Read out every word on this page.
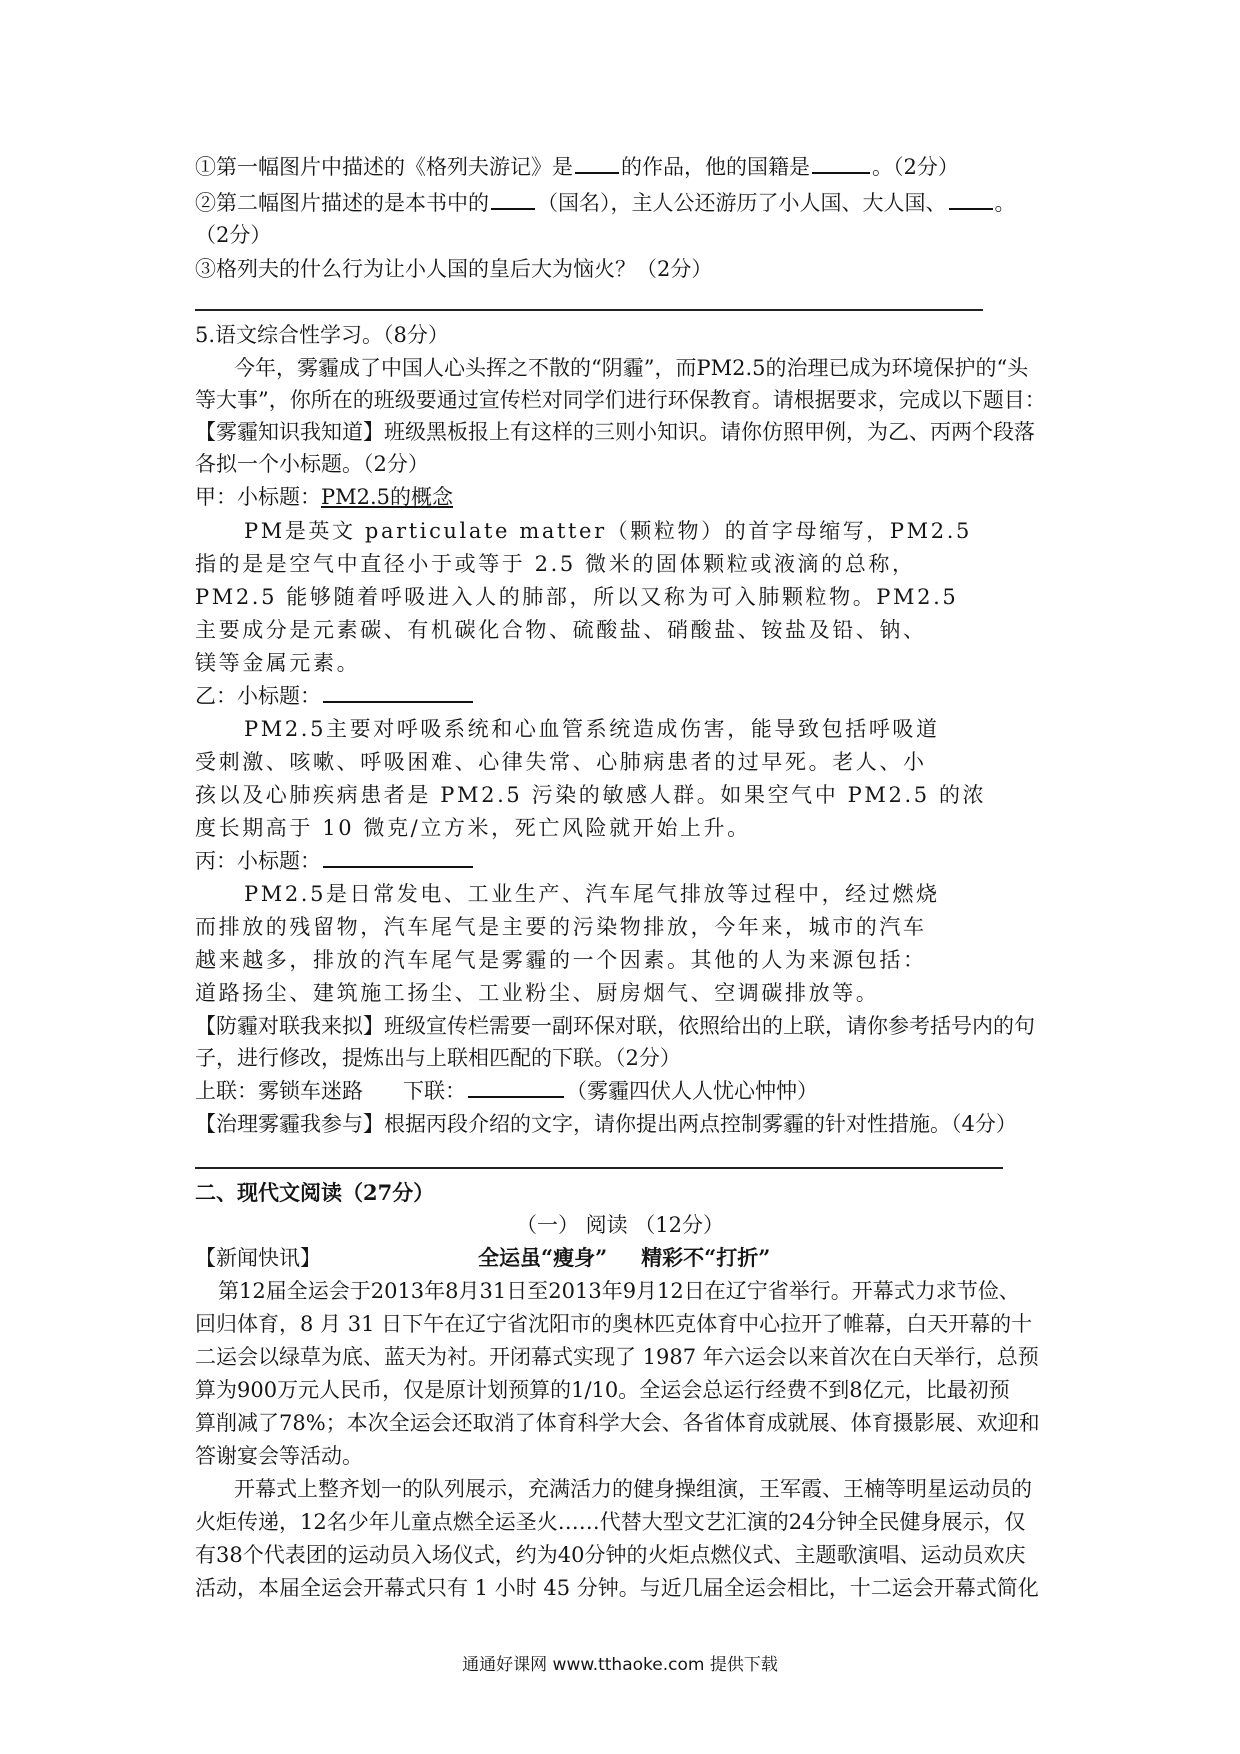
①第一幅图片中描述的《格列夫游记》是 的作品，他的国籍是	。（2分）
②第二幅图片描述的是本书中的 （国名），主人公还游历了小人国、大人国、 。
（2分）
③格列夫的什么行为让小人国的皇后大为恼火？（2分）
5.语文综合性学习。（8分）
今年，雾霾成了中国人心头挥之不散的“阴霾”，而PM2.5的治理已成为环境保护的“头
等大事”，你所在的班级要通过宣传栏对同学们进行环保教育。请根据要求，完成以下题目：
【雾霾知识我知道】班级黑板报上有这样的三则小知识。请你仿照甲例，为乙、丙两个段落
各拟一个小标题。（2分）
甲：小标题：PM2.5的概念
PM是英文 particulate matter（颗粒物）的首字母缩写，PM2.5
指的是是空气中直径小于或等于 2.5 微米的固体颗粒或液滴的总称，
PM2.5 能够随着呼吸进入人的肺部，所以又称为可入肺颗粒物。PM2.5
主要成分是元素碳、有机碳化合物、硫酸盐、硝酸盐、铵盐及铅、钠、
镁等金属元素。
乙：小标题：
PM2.5主要对呼吸系统和心血管系统造成伤害，能导致包括呼吸道
受刺激、咳嗽、呼吸困难、心律失常、心肺病患者的过早死。老人、小
孩以及心肺疾病患者是 PM2.5 污染的敏感人群。如果空气中 PM2.5 的浓
度长期高于 10 微克/立方米，死亡风险就开始上升。
丙：小标题：
PM2.5是日常发电、工业生产、汽车尾气排放等过程中，经过燃烧
而排放的残留物，汽车尾气是主要的污染物排放，今年来，城市的汽车
越来越多，排放的汽车尾气是雾霾的一个因素。其他的人为来源包括：
道路扬尘、建筑施工扬尘、工业粉尘、厨房烟气、空调碳排放等。
【防霾对联我来拟】班级宣传栏需要一副环保对联，依照给出的上联，请你参考括号内的句
子，进行修改，提炼出与上联相匹配的下联。（2分）
上联：雾锁车迷路 下联：	（雾霾四伏人人忧心忡忡）
【治理雾霾我参与】根据丙段介绍的文字，请你提出两点控制雾霾的针对性措施。（4分）
二、现代文阅读（27分）
（一） 阅读 （12分）
【新闻快讯】	全运虽“瘦身” 精彩不“打折”
第12届全运会于2013年8月31日至2013年9月12日在辽宁省举行。开幕式力求节俭、
回归体育，8 月 31 日下午在辽宁省沈阳市的奥林匹克体育中心拉开了帷幕，白天开幕的十
二运会以绿草为底、蓝天为衬。开闭幕式实现了 1987 年六运会以来首次在白天举行，总预
算为900万元人民币，仅是原计划预算的1/10。全运会总运行经费不到8亿元，比最初预
算削减了78%；本次全运会还取消了体育科学大会、各省体育成就展、体育摄影展、欢迎和
答谢宴会等活动。
开幕式上整齐划一的队列展示，充满活力的健身操组演，王军霞、王楠等明星运动员的
火炬传递，12名少年儿童点燃全运圣火……代替大型文艺汇演的24分钟全民健身展示，仅
有38个代表团的运动员入场仪式，约为40分钟的火炬点燃仪式、主题歌演唱、运动员欢庆
活动，本届全运会开幕式只有 1 小时 45 分钟。与近几届全运会相比，十二运会开幕式简化
通通好课网 www.tthaoke.com 提供下载
